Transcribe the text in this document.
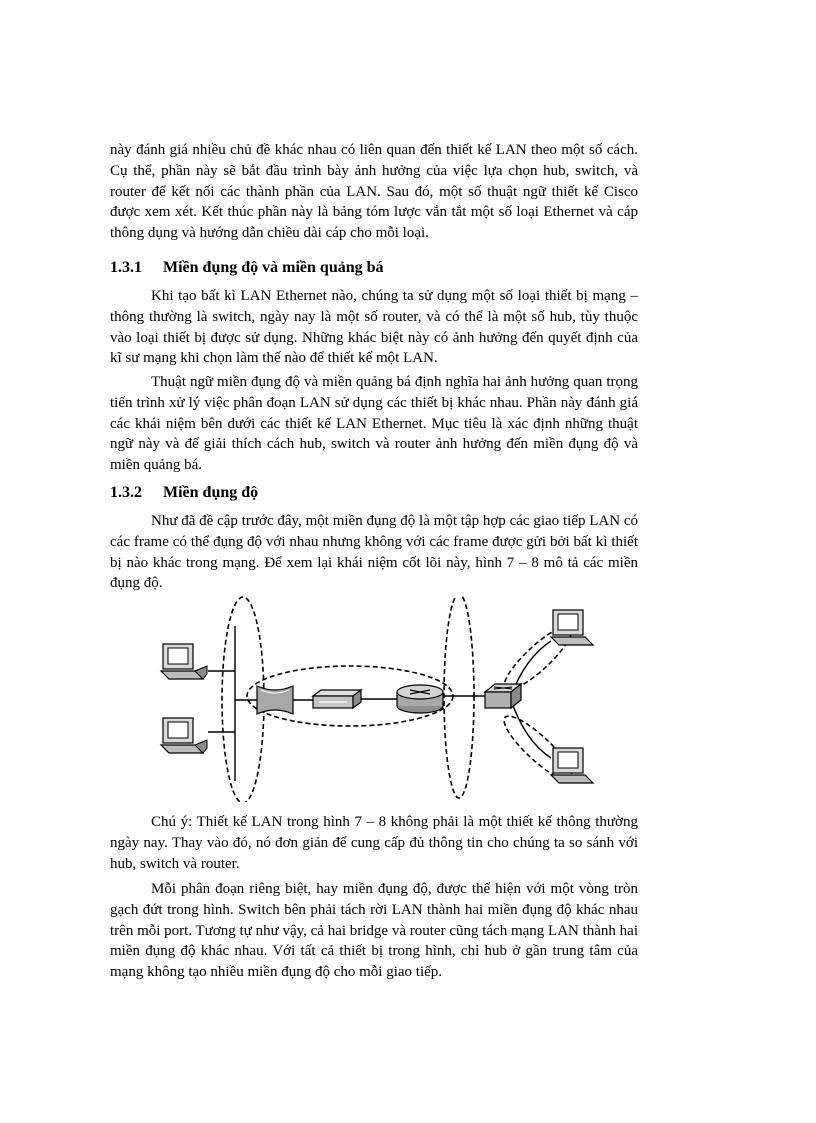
này đánh giá nhiều chủ đề khác nhau có liên quan đến thiết kế LAN theo một số cách. Cụ thể, phần này sẽ bắt đầu trình bày ảnh hưởng của việc lựa chọn hub, switch, và router để kết nối các thành phần của LAN. Sau đó, một số thuật ngữ thiết kế Cisco được xem xét. Kết thúc phần này là bảng tóm lược vắn tắt một số loại Ethernet và cáp thông dụng và hướng dẫn chiều dài cáp cho mỗi loại.

1.3.1 Miền đụng độ và miền quảng bá

Khi tạo bất kì LAN Ethernet nào, chúng ta sử dụng một số loại thiết bị mạng – thông thường là switch, ngày nay là một số router, và có thể là một số hub, tùy thuộc vào loại thiết bị được sử dụng. Những khác biệt này có ảnh hưởng đến quyết định của kĩ sư mạng khi chọn làm thế nào để thiết kế một LAN.

Thuật ngữ miền đụng độ và miền quảng bá định nghĩa hai ảnh hưởng quan trọng tiến trình xử lý việc phân đoạn LAN sử dụng các thiết bị khác nhau. Phần này đánh giá các khái niệm bên dưới các thiết kế LAN Ethernet. Mục tiêu là xác định những thuật ngữ này và để giải thích cách hub, switch và router ảnh hưởng đến miền đụng độ và miền quảng bá.

1.3.2 Miền đụng độ

Như đã đề cập trước đây, một miền đụng độ là một tập hợp các giao tiếp LAN có các frame có thể đụng độ với nhau nhưng không với các frame được gửi bởi bất kì thiết bị nào khác trong mạng. Để xem lại khái niệm cốt lõi này, hình 7 – 8 mô tả các miền đụng độ.

Chú ý: Thiết kế LAN trong hình 7 – 8 không phải là một thiết kế thông thường ngày nay. Thay vào đó, nó đơn giản để cung cấp đủ thông tin cho chúng ta so sánh với hub, switch và router.

Mỗi phân đoạn riêng biệt, hay miền đụng độ, được thể hiện với một vòng tròn gạch đứt trong hình. Switch bên phải tách rời LAN thành hai miền đụng độ khác nhau trên mỗi port. Tương tự như vậy, cả hai bridge và router cũng tách mạng LAN thành hai miền đụng độ khác nhau. Với tất cả thiết bị trong hình, chỉ hub ở gần trung tâm của mạng không tạo nhiều miền đụng độ cho mỗi giao tiếp.
